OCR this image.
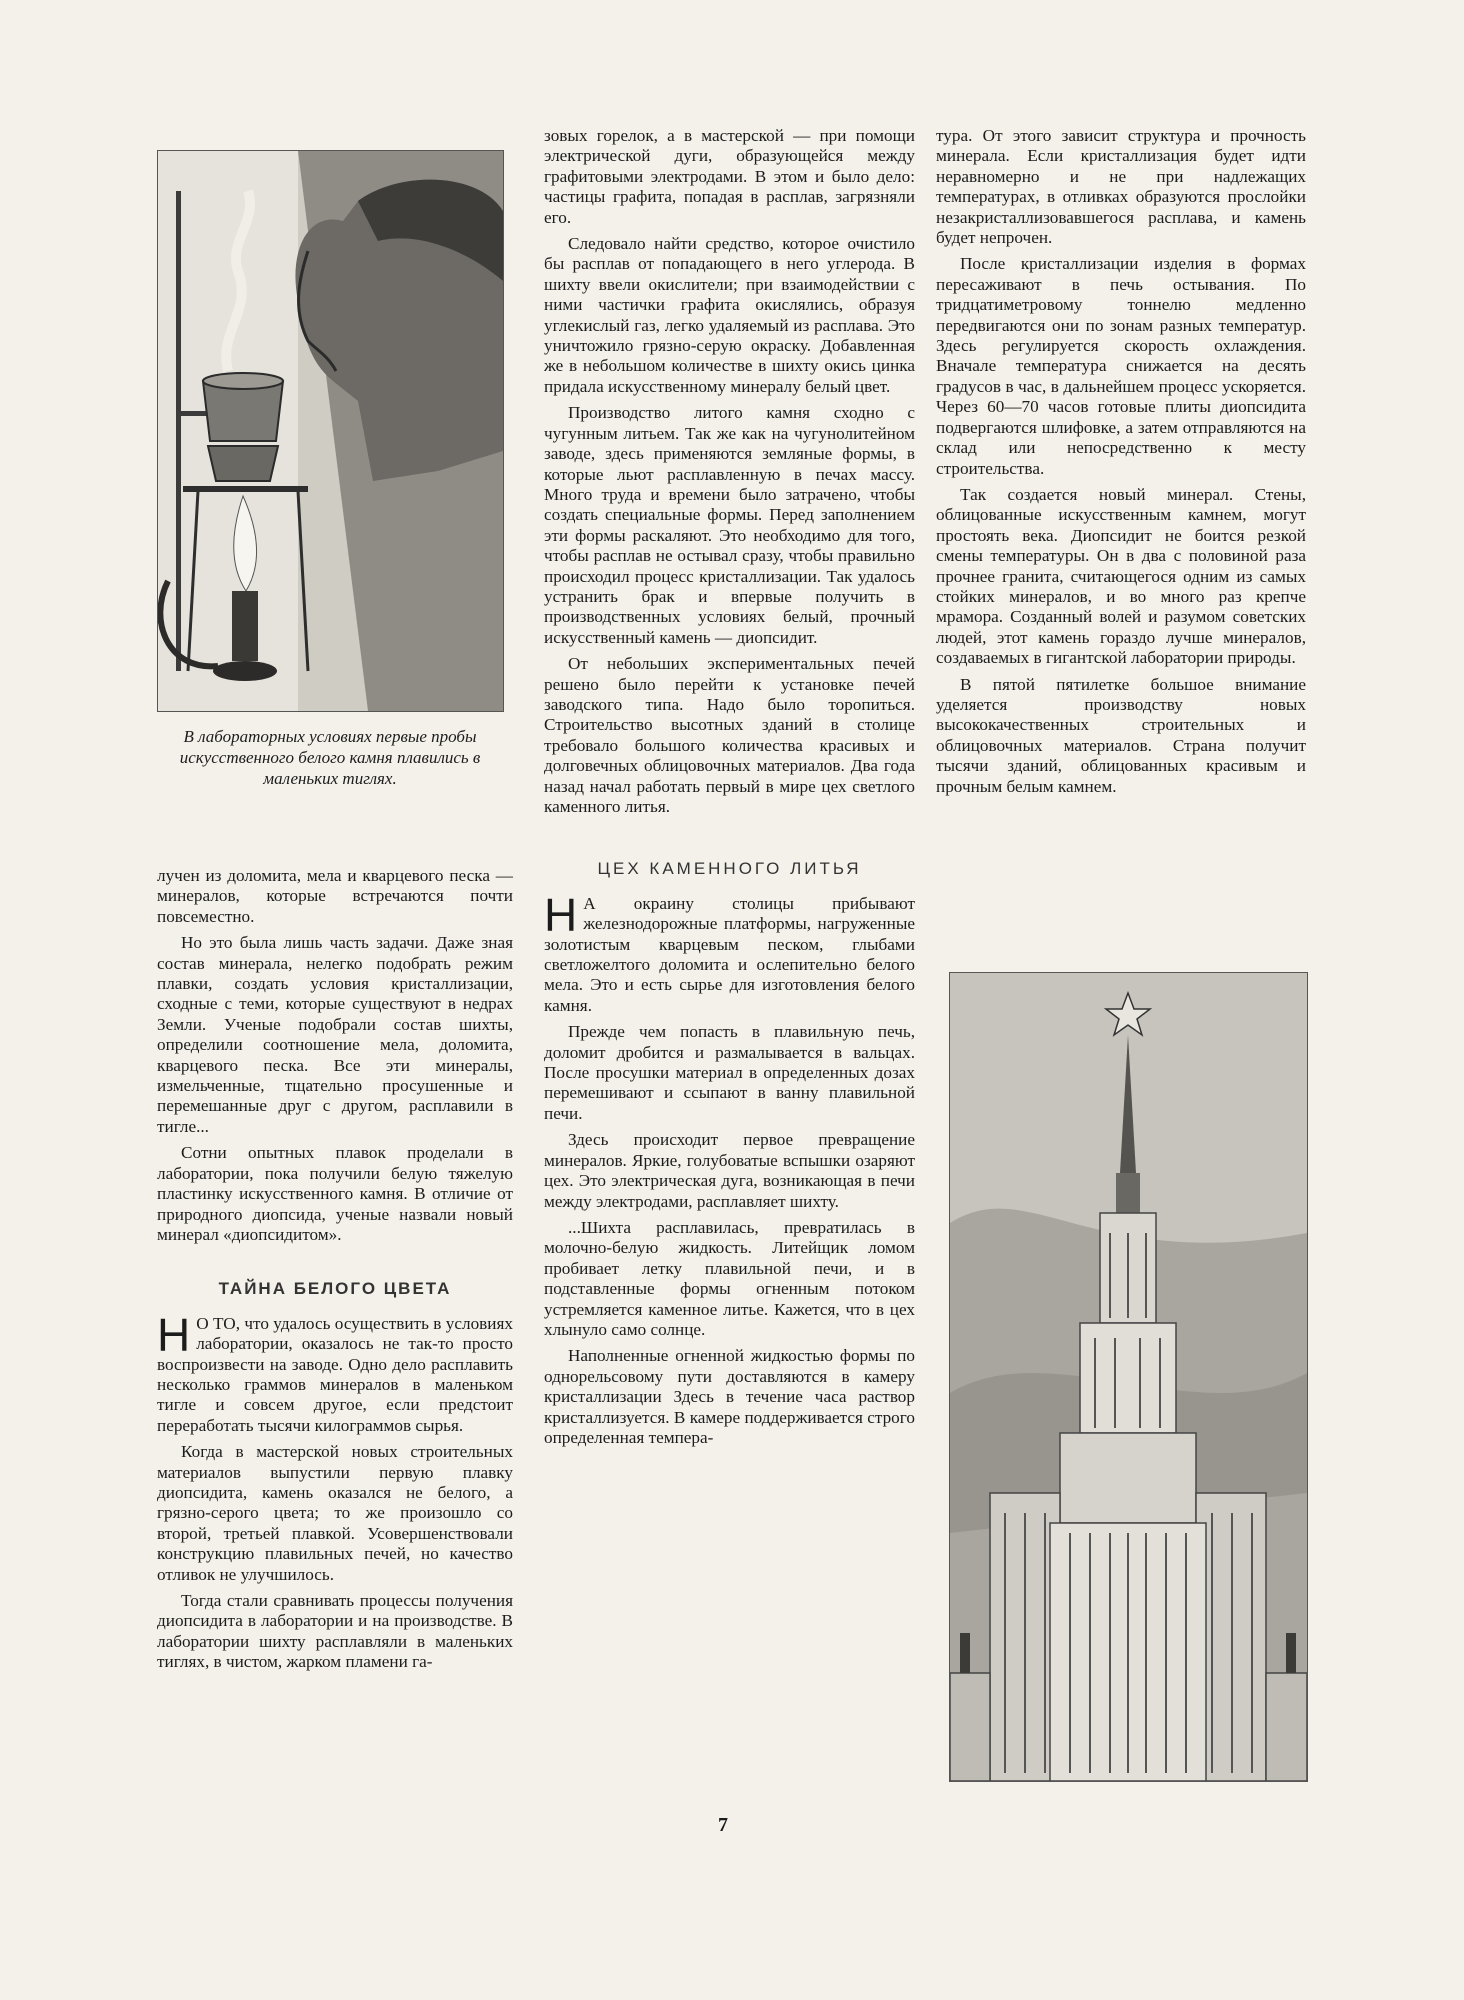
В лабораторных условиях первые пробы искусственного белого камня плавились в маленьких тиглях.

лучен из доломита, мела и кварцевого песка — минералов, которые встречаются почти повсеместно.

Но это была лишь часть задачи. Даже зная состав минерала, нелегко подобрать режим плавки, создать условия кристаллизации, сходные с теми, которые существуют в недрах Земли. Ученые подобрали состав шихты, определили соотношение мела, доломита, кварцевого песка. Все эти минералы, измельченные, тщательно просушенные и перемешанные друг с другом, расплавили в тигле...

Сотни опытных плавок проделали в лаборатории, пока получили белую тяжелую пластинку искусственного камня. В отличие от природного диопсида, ученые назвали новый минерал «диопсидитом».

ТАЙНА БЕЛОГО ЦВЕТА

Н О ТО, что удалось осуществить в условиях лаборатории, оказалось не так-то просто воспроизвести на заводе. Одно дело расплавить несколько граммов минералов в маленьком тигле и совсем другое, если предстоит переработать тысячи килограммов сырья.

Когда в мастерской новых строительных материалов выпустили первую плавку диопсидита, камень оказался не белого, а грязно-серого цвета; то же произошло со второй, третьей плавкой. Усовершенствовали конструкцию плавильных печей, но качество отливок не улучшилось.

Тогда стали сравнивать процессы получения диопсидита в лаборатории и на производстве. В лаборатории шихту расплавляли в маленьких тиглях, в чистом, жарком пламени га-

зовых горелок, а в мастерской — при помощи электрической дуги, образующейся между графитовыми электродами. В этом и было дело: частицы графита, попадая в расплав, загрязняли его.

Следовало найти средство, которое очистило бы расплав от попадающего в него углерода. В шихту ввели окислители; при взаимодействии с ними частички графита окислялись, образуя углекислый газ, легко удаляемый из расплава. Это уничтожило грязно-серую окраску. Добавленная же в небольшом количестве в шихту окись цинка придала искусственному минералу белый цвет.

Производство литого камня сходно с чугунным литьем. Так же как на чугунолитейном заводе, здесь применяются земляные формы, в которые льют расплавленную в печах массу. Много труда и времени было затрачено, чтобы создать специальные формы. Перед заполнением эти формы раскаляют. Это необходимо для того, чтобы расплав не остывал сразу, чтобы правильно происходил процесс кристаллизации. Так удалось устранить брак и впервые получить в производственных условиях белый, прочный искусственный камень — диопсидит.

От небольших экспериментальных печей решено было перейти к установке печей заводского типа. Надо было торопиться. Строительство высотных зданий в столице требовало большого количества красивых и долговечных облицовочных материалов. Два года назад начал работать первый в мире цех светлого каменного литья.

ЦЕХ КАМЕННОГО ЛИТЬЯ

Н А окраину столицы прибывают железнодорожные платформы, нагруженные золотистым кварцевым песком, глыбами светложелтого доломита и ослепительно белого мела. Это и есть сырье для изготовления белого камня.

Прежде чем попасть в плавильную печь, доломит дробится и размалывается в вальцах. После просушки материал в определенных дозах перемешивают и ссыпают в ванну плавильной печи.

Здесь происходит первое превращение минералов. Яркие, голубоватые вспышки озаряют цех. Это электрическая дуга, возникающая в печи между электродами, расплавляет шихту.

...Шихта расплавилась, превратилась в молочно-белую жидкость. Литейщик ломом пробивает летку плавильной печи, и в подставленные формы огненным потоком устремляется каменное литье. Кажется, что в цех хлынуло само солнце.

Наполненные огненной жидкостью формы по однорельсовому пути доставляются в камеру кристаллизации Здесь в течение часа раствор кристаллизуется. В камере поддерживается строго определенная темпера-

тура. От этого зависит структура и прочность минерала. Если кристаллизация будет идти неравномерно и не при надлежащих температурах, в отливках образуются прослойки незакристаллизовавшегося расплава, и камень будет непрочен.

После кристаллизации изделия в формах пересаживают в печь остывания. По тридцатиметровому тоннелю медленно передвигаются они по зонам разных температур. Здесь регулируется скорость охлаждения. Вначале температура снижается на десять градусов в час, в дальнейшем процесс ускоряется. Через 60—70 часов готовые плиты диопсидита подвергаются шлифовке, а затем отправляются на склад или непосредственно к месту строительства.

Так создается новый минерал. Стены, облицованные искусственным камнем, могут простоять века. Диопсидит не боится резкой смены температуры. Он в два с половиной раза прочнее гранита, считающегося одним из самых стойких минералов, и во много раз крепче мрамора. Созданный волей и разумом советских людей, этот камень гораздо лучше минералов, создаваемых в гигантской лаборатории природы.

В пятой пятилетке большое внимание уделяется производству новых высококачественных строительных и облицовочных материалов. Страна получит тысячи зданий, облицованных красивым и прочным белым камнем.

7
